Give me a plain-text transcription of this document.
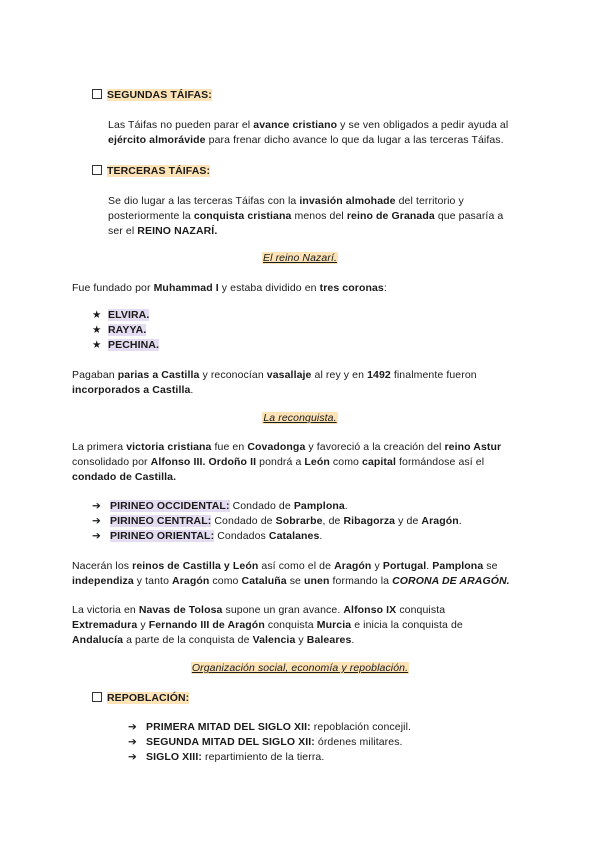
SEGUNDAS TÁIFAS:
Las Táifas no pueden parar el avance cristiano y se ven obligados a pedir ayuda al
ejército almorávide para frenar dicho avance lo que da lugar a las terceras Táifas.
TERCERAS TÁIFAS:
Se dio lugar a las terceras Táifas con la invasión almohade del territorio y
posteriormente la conquista cristiana menos del reino de Granada que pasaría a
ser el REINO NAZARÍ.
El reino Nazarí.
Fue fundado por Muhammad I y estaba dividido en tres coronas:
★ ELVIRA.
★ RAYYA.
★ PECHINA.
Pagaban parias a Castilla y reconocían vasallaje al rey y en 1492 finalmente fueron
incorporados a Castilla.
La reconquista.
La primera victoria cristiana fue en Covadonga y favoreció a la creación del reino Astur
consolidado por Alfonso III. Ordoño II pondrá a León como capital formándose así el
condado de Castilla.
➔ PIRINEO OCCIDENTAL: Condado de Pamplona.
➔ PIRINEO CENTRAL: Condado de Sobrarbe, de Ribagorza y de Aragón.
➔ PIRINEO ORIENTAL: Condados Catalanes.
Nacerán los reinos de Castilla y León así como el de Aragón y Portugal. Pamplona se
independiza y tanto Aragón como Cataluña se unen formando la CORONA DE ARAGÓN.
La victoria en Navas de Tolosa supone un gran avance. Alfonso IX conquista
Extremadura y Fernando III de Aragón conquista Murcia e inicia la conquista de
Andalucía a parte de la conquista de Valencia y Baleares.
Organización social, economía y repoblación.
REPOBLACIÓN:
➔ PRIMERA MITAD DEL SIGLO XII: repoblación concejil.
➔ SEGUNDA MITAD DEL SIGLO XII: órdenes militares.
➔ SIGLO XIII: repartimiento de la tierra.
